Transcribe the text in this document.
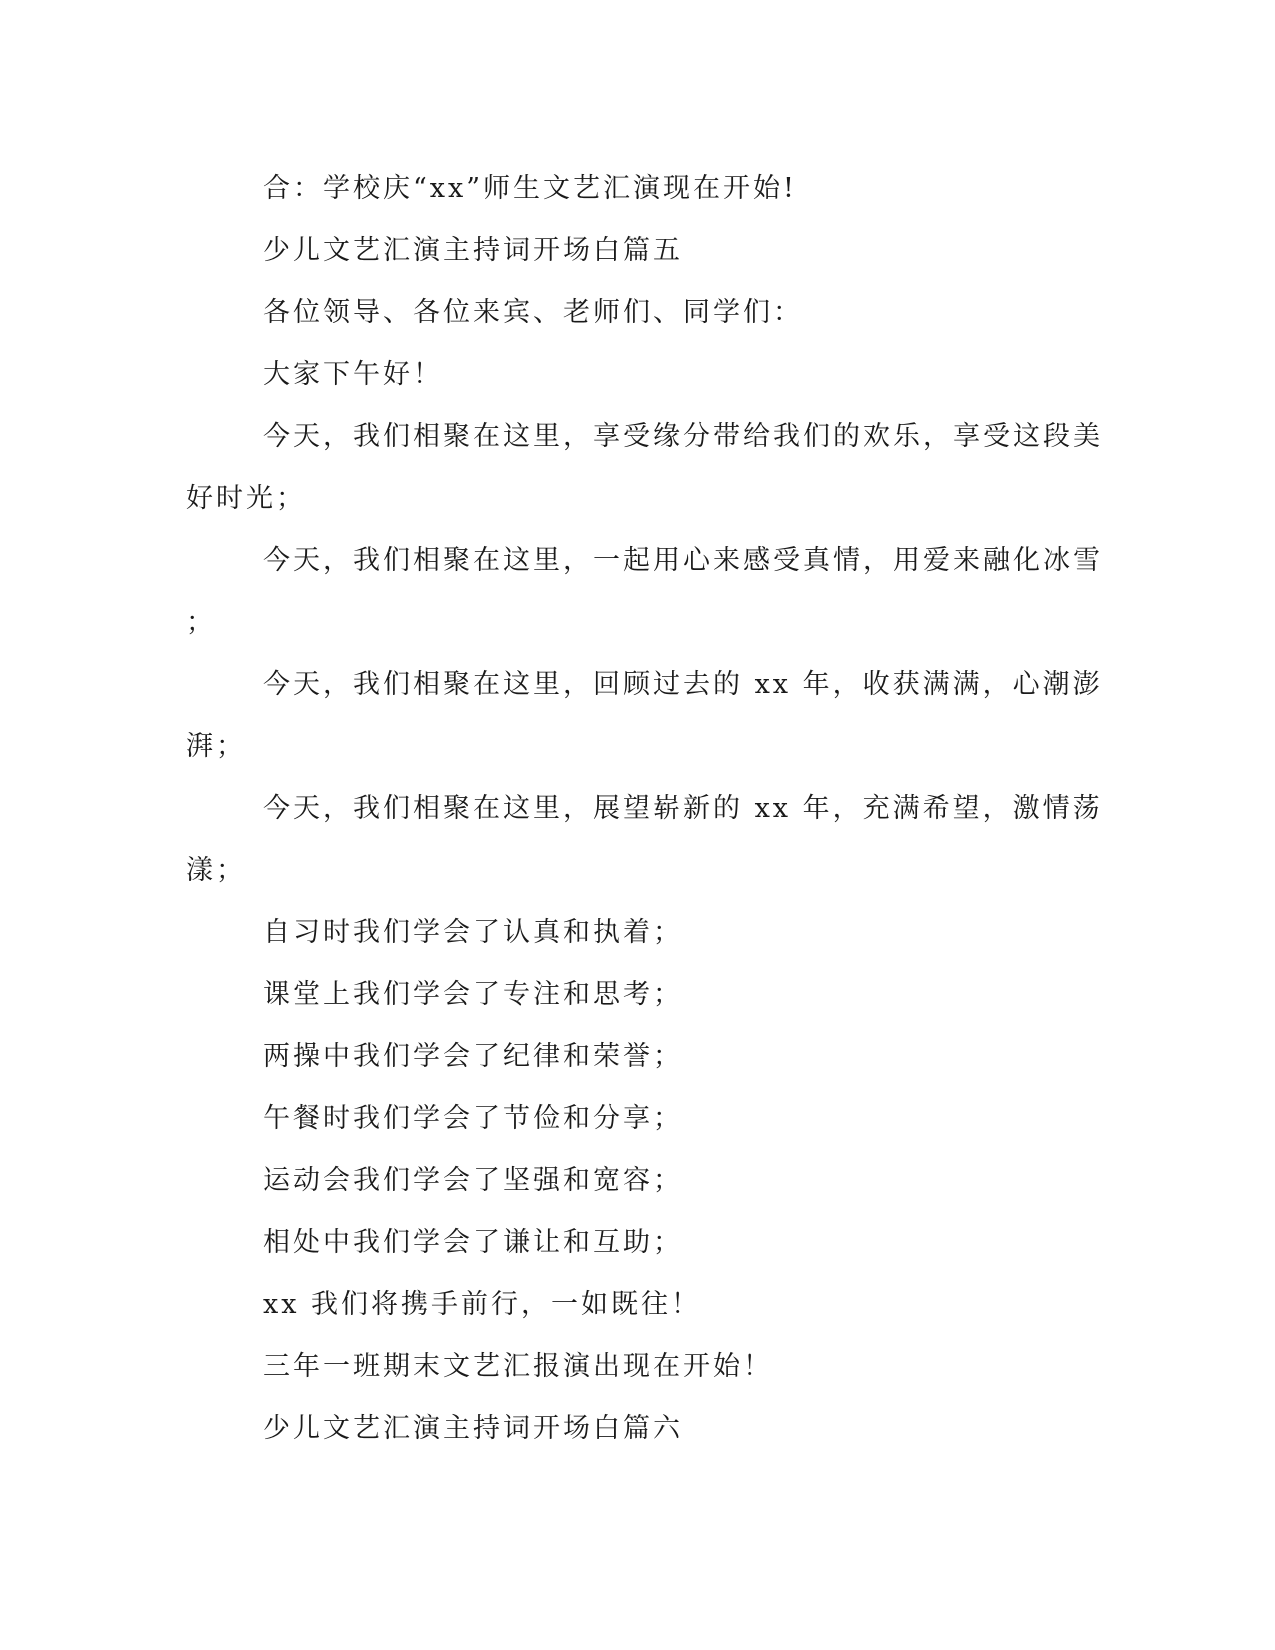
合：学校庆“xx”师生文艺汇演现在开始!

少儿文艺汇演主持词开场白篇五

各位领导、各位来宾、老师们、同学们：

大家下午好！

今天，我们相聚在这里，享受缘分带给我们的欢乐，享受这段美

好时光；

今天，我们相聚在这里，一起用心来感受真情，用爱来融化冰雪

；

今天，我们相聚在这里，回顾过去的 xx 年，收获满满，心潮澎

湃；

今天，我们相聚在这里，展望崭新的 xx 年，充满希望，激情荡

漾；

自习时我们学会了认真和执着；

课堂上我们学会了专注和思考；

两操中我们学会了纪律和荣誉；

午餐时我们学会了节俭和分享；

运动会我们学会了坚强和宽容；

相处中我们学会了谦让和互助；

xx 我们将携手前行，一如既往！

三年一班期末文艺汇报演出现在开始！

少儿文艺汇演主持词开场白篇六
